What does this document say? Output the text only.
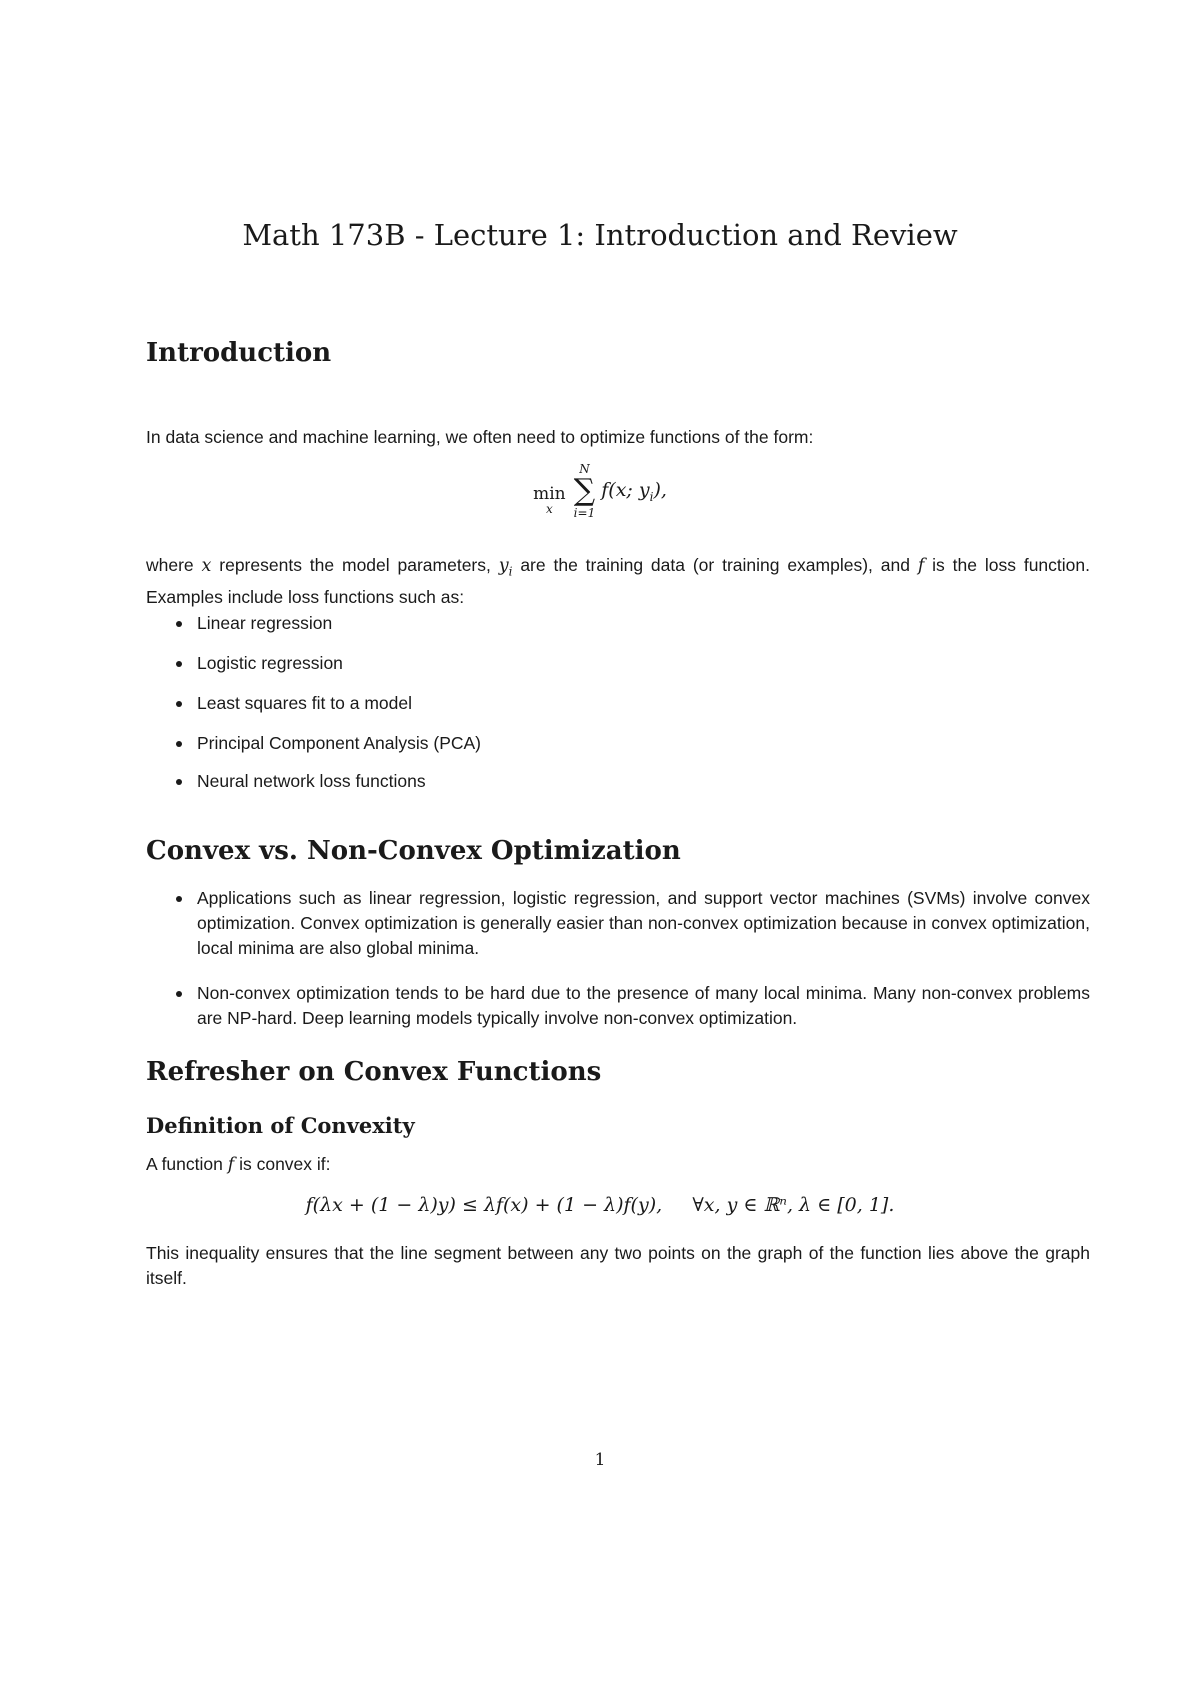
Math 173B - Lecture 1: Introduction and Review
Introduction

In data science and machine learning, we often need to optimize functions of the form:

min
x

N
∑
i=1
f(x; $y_i$),

where x represents the model parameters, $y_i$ are the training data (or training examples), and f is the loss function. Examples include loss functions such as:

Linear regression
Logistic regression
Least squares fit to a model
Principal Component Analysis (PCA)
Neural network loss functions
Convex vs. Non-Convex Optimization
Applications such as linear regression, logistic regression, and support vector machines (SVMs) involve convex optimization. Convex optimization is generally easier than non-convex optimization because in convex optimization, local minima are also global minima.
Non-convex optimization tends to be hard due to the presence of many local minima. Many non-convex problems are NP-hard. Deep learning models typically involve non-convex optimization.
Refresher on Convex Functions
Definition of Convexity

A function f is convex if:

f(λx + (1 − λ)y) ≤ λf(x) + (1 − λ)f(y),     ∀x, y ∈ ℝⁿ, λ ∈ [0, 1].

This inequality ensures that the line segment between any two points on the graph of the function lies above the graph itself.

1
